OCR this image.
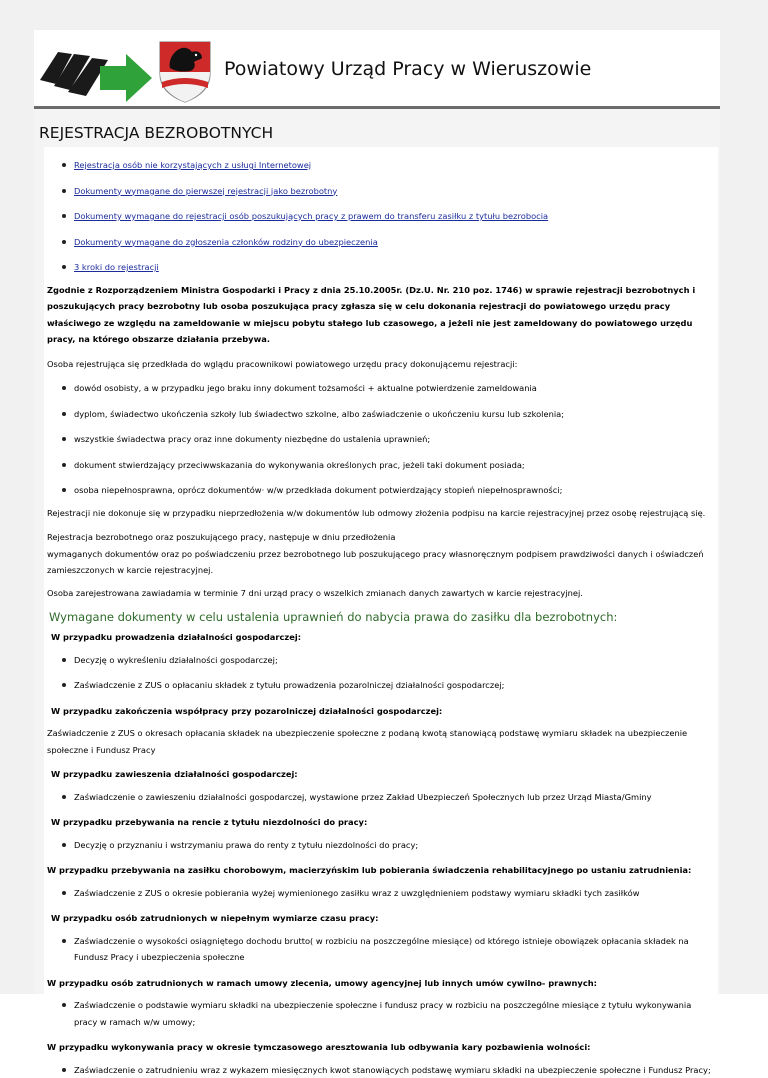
Powiatowy Urząd Pracy w Wieruszowie
REJESTRACJA BEZROBOTNYCH
Rejestracja osób nie korzystających z usługi Internetowej
Dokumenty wymagane do pierwszej rejestracji jako bezrobotny
Dokumenty wymagane do rejestracji osób poszukujących pracy z prawem do transferu zasiłku z tytułu bezrobocia
Dokumenty wymagane do zgłoszenia członków rodziny do ubezpieczenia
3 kroki do rejestracji

Zgodnie z Rozporządzeniem Ministra Gospodarki i Pracy z dnia 25.10.2005r. (Dz.U. Nr. 210 poz. 1746) w sprawie rejestracji bezrobotnych i poszukujących pracy bezrobotny lub osoba poszukująca pracy zgłasza się w celu dokonania rejestracji do powiatowego urzędu pracy właściwego ze względu na zameldowanie w miejscu pobytu stałego lub czasowego, a jeżeli nie jest zameldowany do powiatowego urzędu pracy, na którego obszarze działania przebywa.

Osoba rejestrująca się przedkłada do wglądu pracownikowi powiatowego urzędu pracy dokonującemu rejestracji:

dowód osobisty, a w przypadku jego braku inny dokument tożsamości + aktualne potwierdzenie zameldowania
dyplom, świadectwo ukończenia szkoły lub świadectwo szkolne, albo zaświadczenie o ukończeniu kursu lub szkolenia;
wszystkie świadectwa pracy oraz inne dokumenty niezbędne do ustalenia uprawnień;
dokument stwierdzający przeciwwskazania do wykonywania określonych prac, jeżeli taki dokument posiada;
osoba niepełnosprawna, oprócz dokumentów· w/w przedkłada dokument potwierdzający stopień niepełnosprawności;

Rejestracji nie dokonuje się w przypadku nieprzedłożenia w/w dokumentów lub odmowy złożenia podpisu na karcie rejestracyjnej przez osobę rejestrującą się.

Rejestracja bezrobotnego oraz poszukującego pracy, następuje w dniu przedłożenia
wymaganych dokumentów oraz po poświadczeniu przez bezrobotnego lub poszukującego pracy własnoręcznym podpisem prawdziwości danych i oświadczeń zamieszczonych w karcie rejestracyjnej.

Osoba zarejestrowana zawiadamia w terminie 7 dni urząd pracy o wszelkich zmianach danych zawartych w karcie rejestracyjnej.

Wymagane dokumenty w celu ustalenia uprawnień do nabycia prawa do zasiłku dla bezrobotnych:
W przypadku prowadzenia działalności gospodarczej:
Decyzję o wykreśleniu działalności gospodarczej;
Zaświadczenie z ZUS o opłacaniu składek z tytułu prowadzenia pozarolniczej działalności gospodarczej;
W przypadku zakończenia współpracy przy pozarolniczej działalności gospodarczej:

Zaświadczenie z ZUS o okresach opłacania składek na ubezpieczenie społeczne z podaną kwotą stanowiącą podstawę wymiaru składek na ubezpieczenie społeczne i Fundusz Pracy

W przypadku zawieszenia działalności gospodarczej:
Zaświadczenie o zawieszeniu działalności gospodarczej, wystawione przez Zakład Ubezpieczeń Społecznych lub przez Urząd Miasta/Gminy
W przypadku przebywania na rencie z tytułu niezdolności do pracy:
Decyzję o przyznaniu i wstrzymaniu prawa do renty z tytułu niezdolności do pracy;
W przypadku przebywania na zasiłku chorobowym, macierzyńskim lub pobierania świadczenia rehabilitacyjnego po ustaniu zatrudnienia:
Zaświadczenie z ZUS o okresie pobierania wyżej wymienionego zasiłku wraz z uwzględnieniem podstawy wymiaru składki tych zasiłków
W przypadku osób zatrudnionych w niepełnym wymiarze czasu pracy:
Zaświadczenie o wysokości osiągniętego dochodu brutto( w rozbiciu na poszczególne miesiące) od którego istnieje obowiązek opłacania składek na Fundusz Pracy i ubezpieczenia społeczne
W przypadku osób zatrudnionych w ramach umowy zlecenia, umowy agencyjnej lub innych umów cywilno- prawnych:
Zaświadczenie o podstawie wymiaru składki na ubezpieczenie społeczne i fundusz pracy w rozbiciu na poszczególne miesiące z tytułu wykonywania pracy w ramach w/w umowy;
W przypadku wykonywania pracy w okresie tymczasowego aresztowania lub odbywania kary pozbawienia wolności:
Zaświadczenie o zatrudnieniu wraz z wykazem miesięcznych kwot stanowiących podstawę wymiaru składki na ubezpieczenie społeczne i Fundusz Pracy;
